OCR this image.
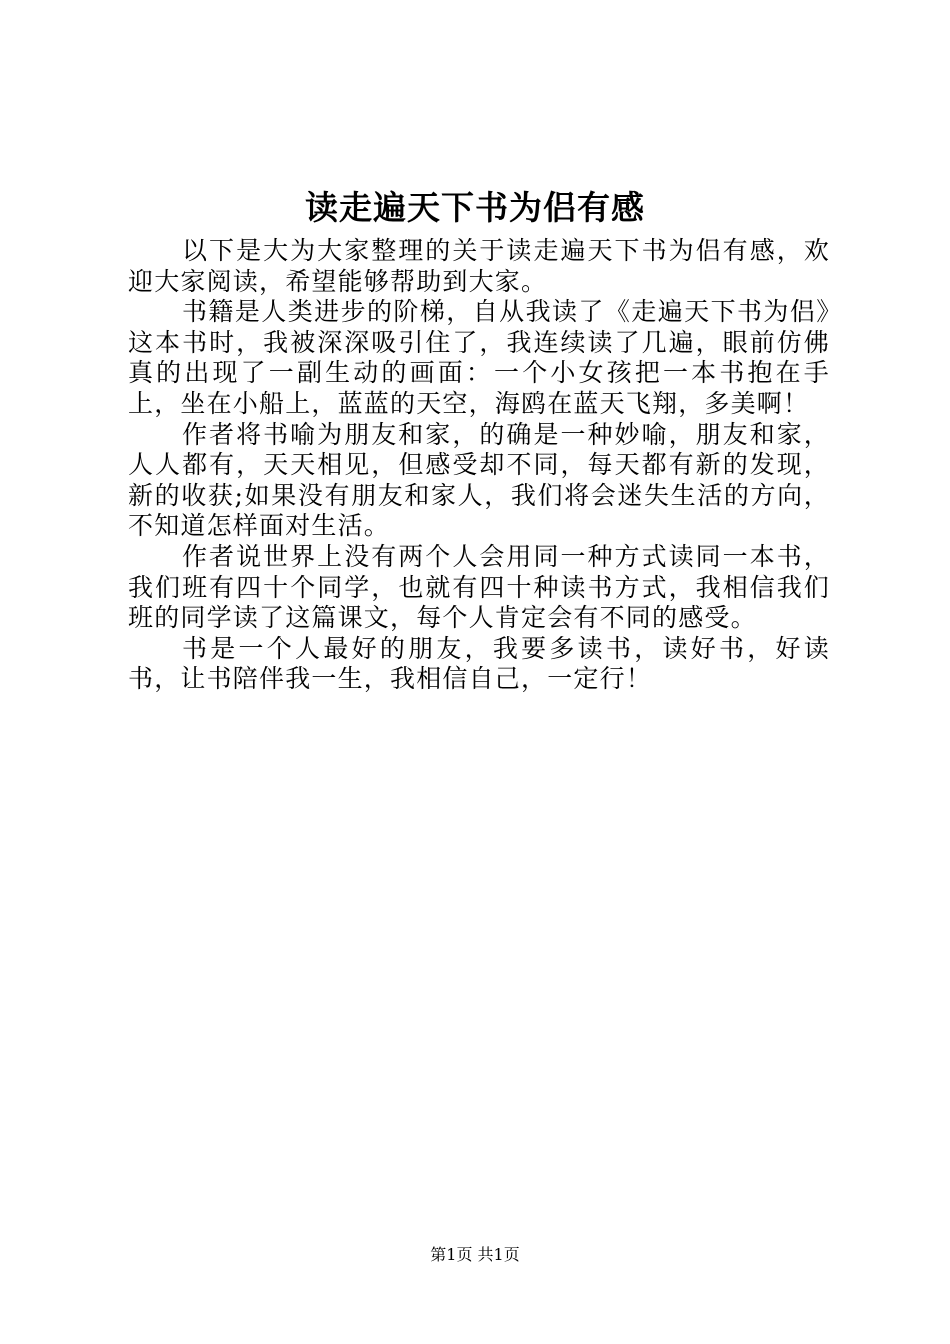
读走遍天下书为侣有感

以下是大为大家整理的关于读走遍天下书为侣有感，欢迎大家阅读，希望能够帮助到大家。

书籍是人类进步的阶梯，自从我读了《走遍天下书为侣》这本书时，我被深深吸引住了，我连续读了几遍，眼前仿佛真的出现了一副生动的画面：一个小女孩把一本书抱在手上，坐在小船上，蓝蓝的天空，海鸥在蓝天飞翔，多美啊！

作者将书喻为朋友和家，的确是一种妙喻，朋友和家，人人都有，天天相见，但感受却不同，每天都有新的发现，新的收获;如果没有朋友和家人，我们将会迷失生活的方向，不知道怎样面对生活。

作者说世界上没有两个人会用同一种方式读同一本书，我们班有四十个同学，也就有四十种读书方式，我相信我们班的同学读了这篇课文，每个人肯定会有不同的感受。

书是一个人最好的朋友，我要多读书，读好书，好读书，让书陪伴我一生，我相信自己，一定行！

第1页 共1页
